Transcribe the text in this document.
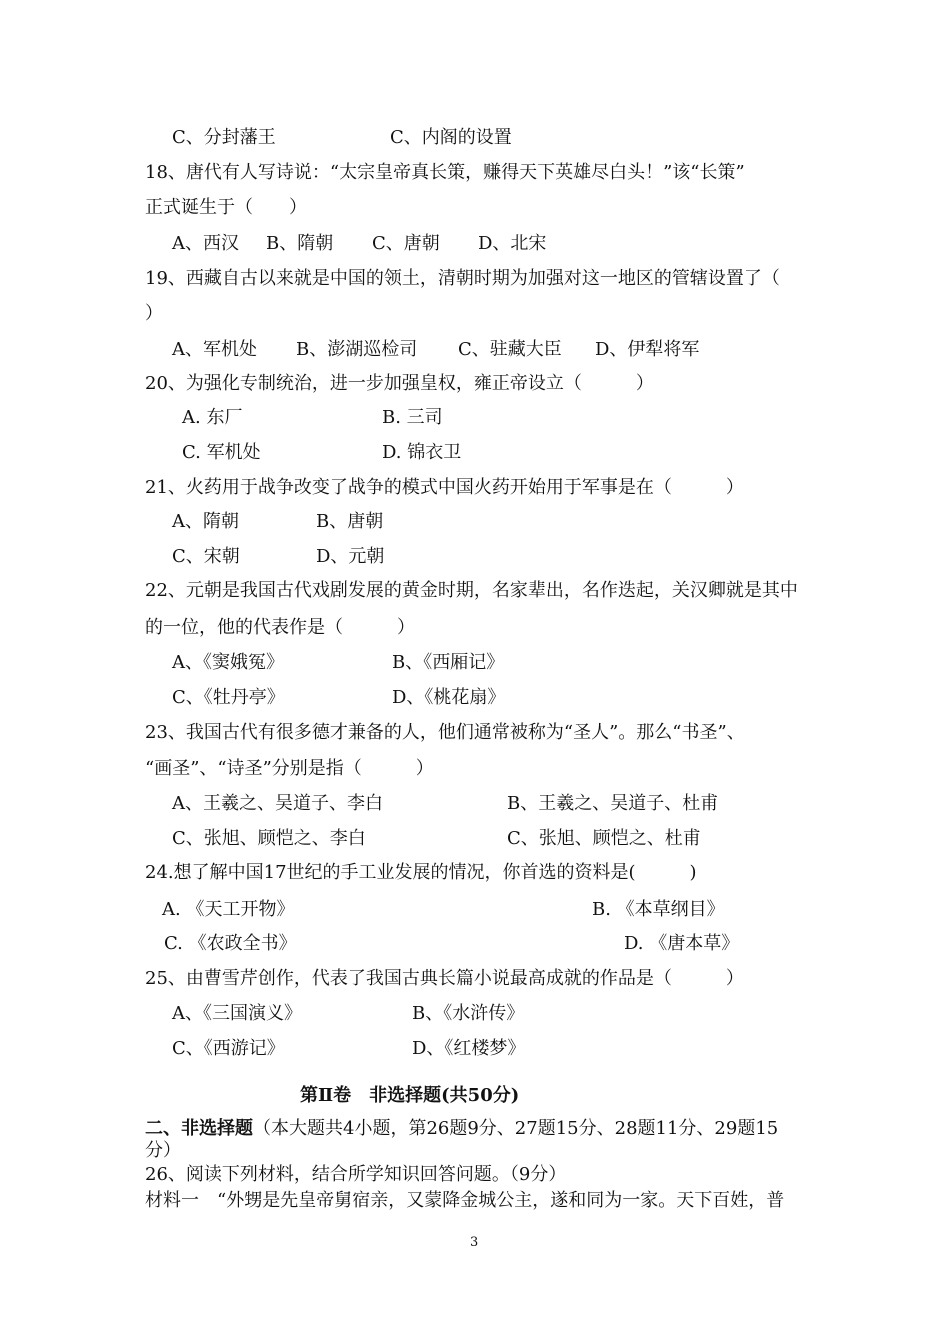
C、分封藩王	C、内阁的设置
18、唐代有人写诗说：“太宗皇帝真长策，赚得天下英雄尽白头！”该“长策”
正式诞生于（　　）
A、西汉 B、隋朝 C、唐朝 D、北宋
19、西藏自古以来就是中国的领土，清朝时期为加强对这一地区的管辖设置了（
）
A、军机处 B、澎湖巡检司 C、驻藏大臣 D、伊犁将军
20、为强化专制统治，进一步加强皇权，雍正帝设立（　　　）
A. 东厂	B. 三司
C. 军机处	D. 锦衣卫
21、火药用于战争改变了战争的模式中国火药开始用于军事是在（　　　）
A、隋朝	B、唐朝
C、宋朝	D、元朝
22、元朝是我国古代戏剧发展的黄金时期，名家辈出，名作迭起，关汉卿就是其中
的一位，他的代表作是（　　　）
A、《窦娥冤》	B、《西厢记》
C、《牡丹亭》	D、《桃花扇》
23、我国古代有很多德才兼备的人，他们通常被称为“圣人”。那么“书圣”、
“画圣”、“诗圣”分别是指（　　　）
A、王羲之、吴道子、李白	B、王羲之、吴道子、杜甫
C、张旭、顾恺之、李白	C、张旭、顾恺之、杜甫
24.想了解中国17世纪的手工业发展的情况，你首选的资料是(　　　)
A. 《天工开物》	B. 《本草纲目》
C. 《农政全书》	D. 《唐本草》
25、由曹雪芹创作，代表了我国古典长篇小说最高成就的作品是（　　　）
A、《三国演义》	B、《水浒传》
C、《西游记》	D、《红楼梦》
第Ⅱ卷　非选择题(共50分)
二、非选择题（本大题共4小题，第26题9分、27题15分、28题11分、29题15
分）
26、阅读下列材料，结合所学知识回答问题。（9分）
材料一　“外甥是先皇帝舅宿亲，又蒙降金城公主，遂和同为一家。天下百姓，普
3
